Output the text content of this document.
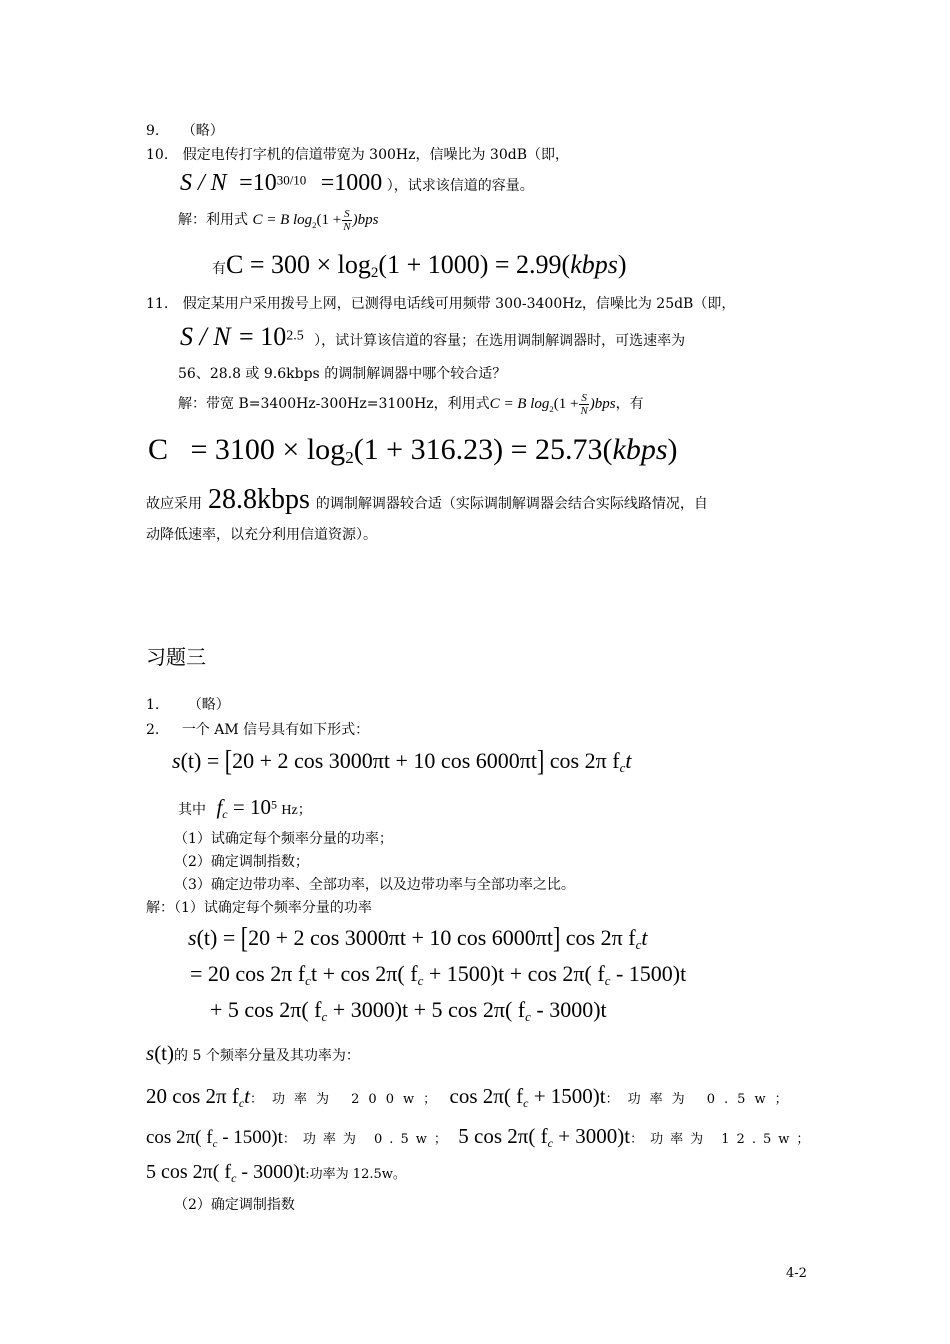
9. （略）
10. 假定电传打字机的信道带宽为 300Hz，信噪比为 30dB（即，
$S / N =10^{30/10} =1000$ ），试求该信道的容量。
解：利用式 C = B $\log_2(1 + \frac{S}{N} )bps$
有$C = 300 \times \log_2(1 + 1000)$ = 2.99(kbps)
11. 假定某用户采用拨号上网，已测得电话线可用频带 300-3400Hz，信噪比为 25dB（即，
$S / N = 10^{2.5}$ ），试计算该信道的容量；在选用调制解调器时，可选速率为
56、28.8 或 9.6kbps 的调制解调器中哪个较合适？
解：带宽 B=3400Hz-300Hz=3100Hz，利用式C = B $\log_2(1 + \frac{S}{N} )bps$，有
$C = 3100 \times \log_2(1 + 316.23)$ = 25.73(kbps)
故应采用 28.8kbps 的调制解调器较合适（实际调制解调器会结合实际线路情况，自
动降低速率，以充分利用信道资源）。
习题三
1. （略）
2. 一个 AM 信号具有如下形式：
s(t) = [20 + 2 cos 3000πt + 10 cos 6000πt] cos 2π $f_ct$
其中 $f_c = 10^5$ Hz；
（1）试确定每个频率分量的功率；
（2）确定调制指数；
（3）确定边带功率、全部功率，以及边带功率与全部功率之比。
解：（1）试确定每个频率分量的功率
s(t) = [20 + 2 cos 3000πt + 10 cos 6000πt] cos 2π $f_ct$
= 20 cos 2π $f_ct + \cos 2\pi$( $f_c + 1500)t + \cos 2\pi$( $f_c - 1500)t$
+ 5 cos 2π( $f_c + 3000)t + 5$ cos 2π( $f_c - 3000)t$
s(t)的 5 个频率分量及其功率为：
20 cos 2π $f_ct$：功率为 200w； cos 2π( $f_c + 1500)t$：功率为 0.5w；
cos 2π( $f_c - 1500)t$：功率为 0.5w； 5 cos 2π( $f_c + 3000)t$：功率为 12.5w；
5 cos 2π( $f_c - 3000)t$:功率为 12.5w。
（2）确定调制指数
4-2
